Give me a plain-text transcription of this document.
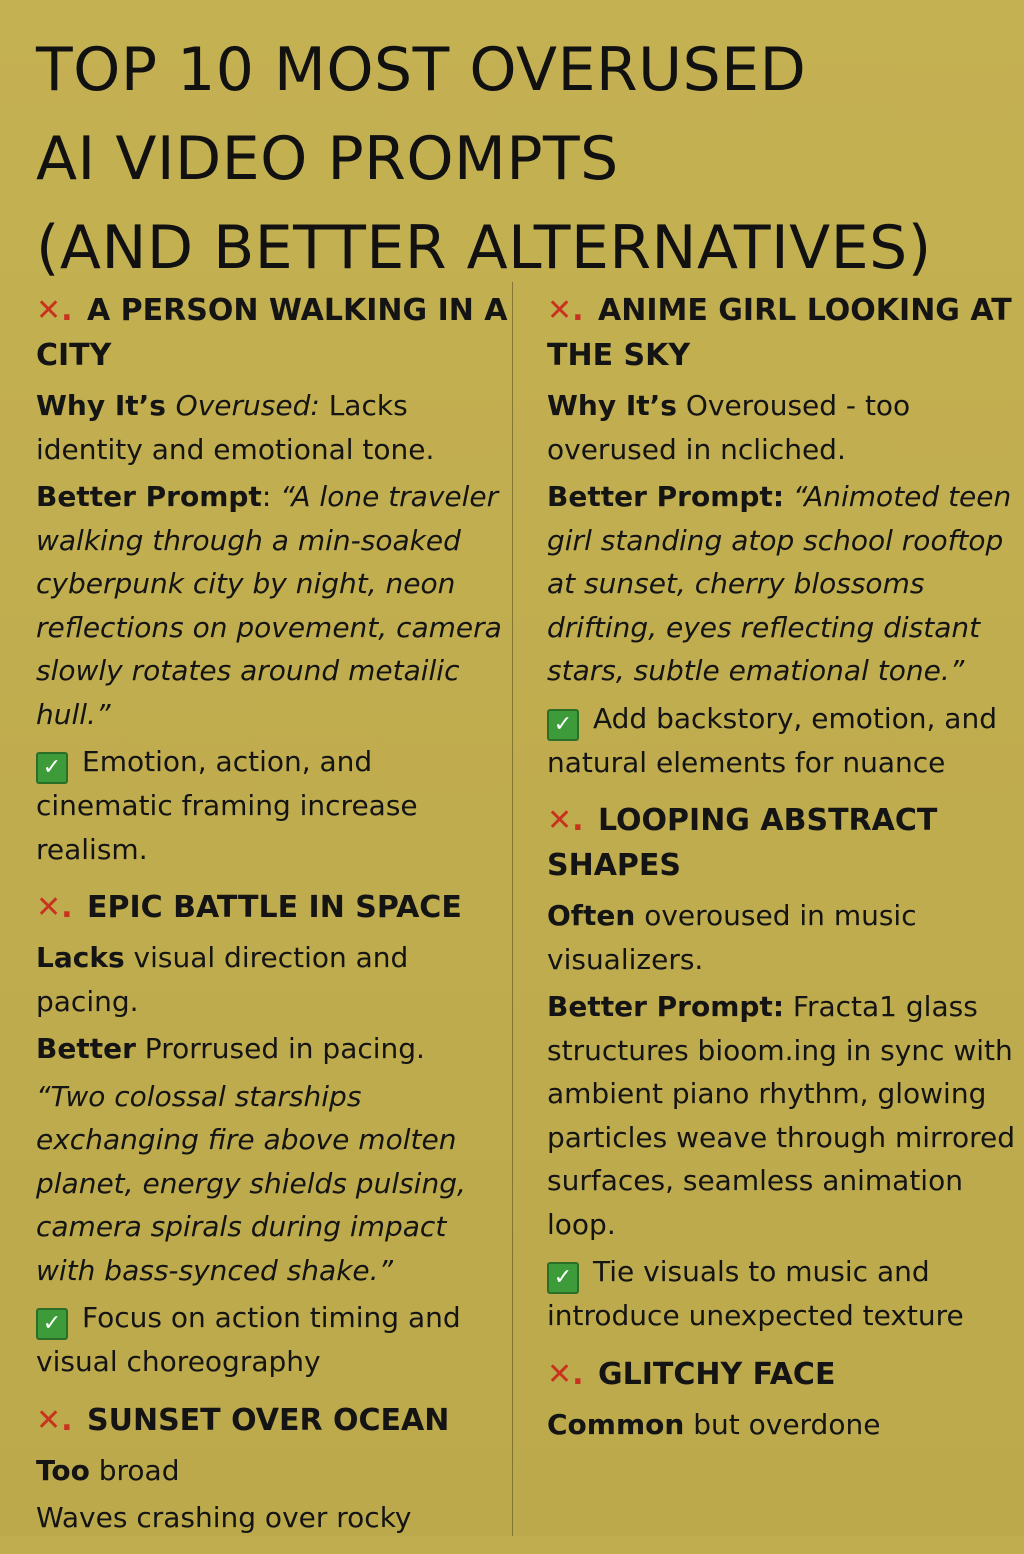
TOP 10 MOST OVERUSED
AI VIDEO PROMPTS
(AND BETTER ALTERNATIVES)
✕. A PERSON WALKING IN A CITY

Why It’s Overused: Lacks identity and emotional tone.

Better Prompt: “A lone traveler walking through a min-soaked cyberpunk city by night, neon reflections on povement, camera slowly rotates around metailic hull.”

✓ Emotion, action, and cinematic framing increase realism.

✕. EPIC BATTLE IN SPACE

Lacks visual direction and pacing.

Better Prorrused in pacing.

“Two colossal starships exchanging fire above molten planet, energy shields pulsing, camera spirals during impact with bass-synced shake.”

✓ Focus on action timing and visual choreography

✕. SUNSET OVER OCEAN

Too broad

Waves crashing over rocky

✕. ANIME GIRL LOOKING AT THE SKY

Why It’s Overoused - too overused in ncliched.

Better Prompt: “Animoted teen girl standing atop school rooftop at sunset, cherry blossoms drifting, eyes reflecting distant stars, subtle emational tone.”

✓ Add backstory, emotion, and natural elements for nuance

✕. LOOPING ABSTRACT SHAPES

Often overoused in music visualizers.

Better Prompt: Fracta1 glass structures bioom.ing in sync with ambient piano rhythm, glowing particles weave through mirrored surfaces, seamless animation loop.

✓ Tie visuals to music and introduce unexpected texture

✕. GLITCHY FACE

Common but overdone
